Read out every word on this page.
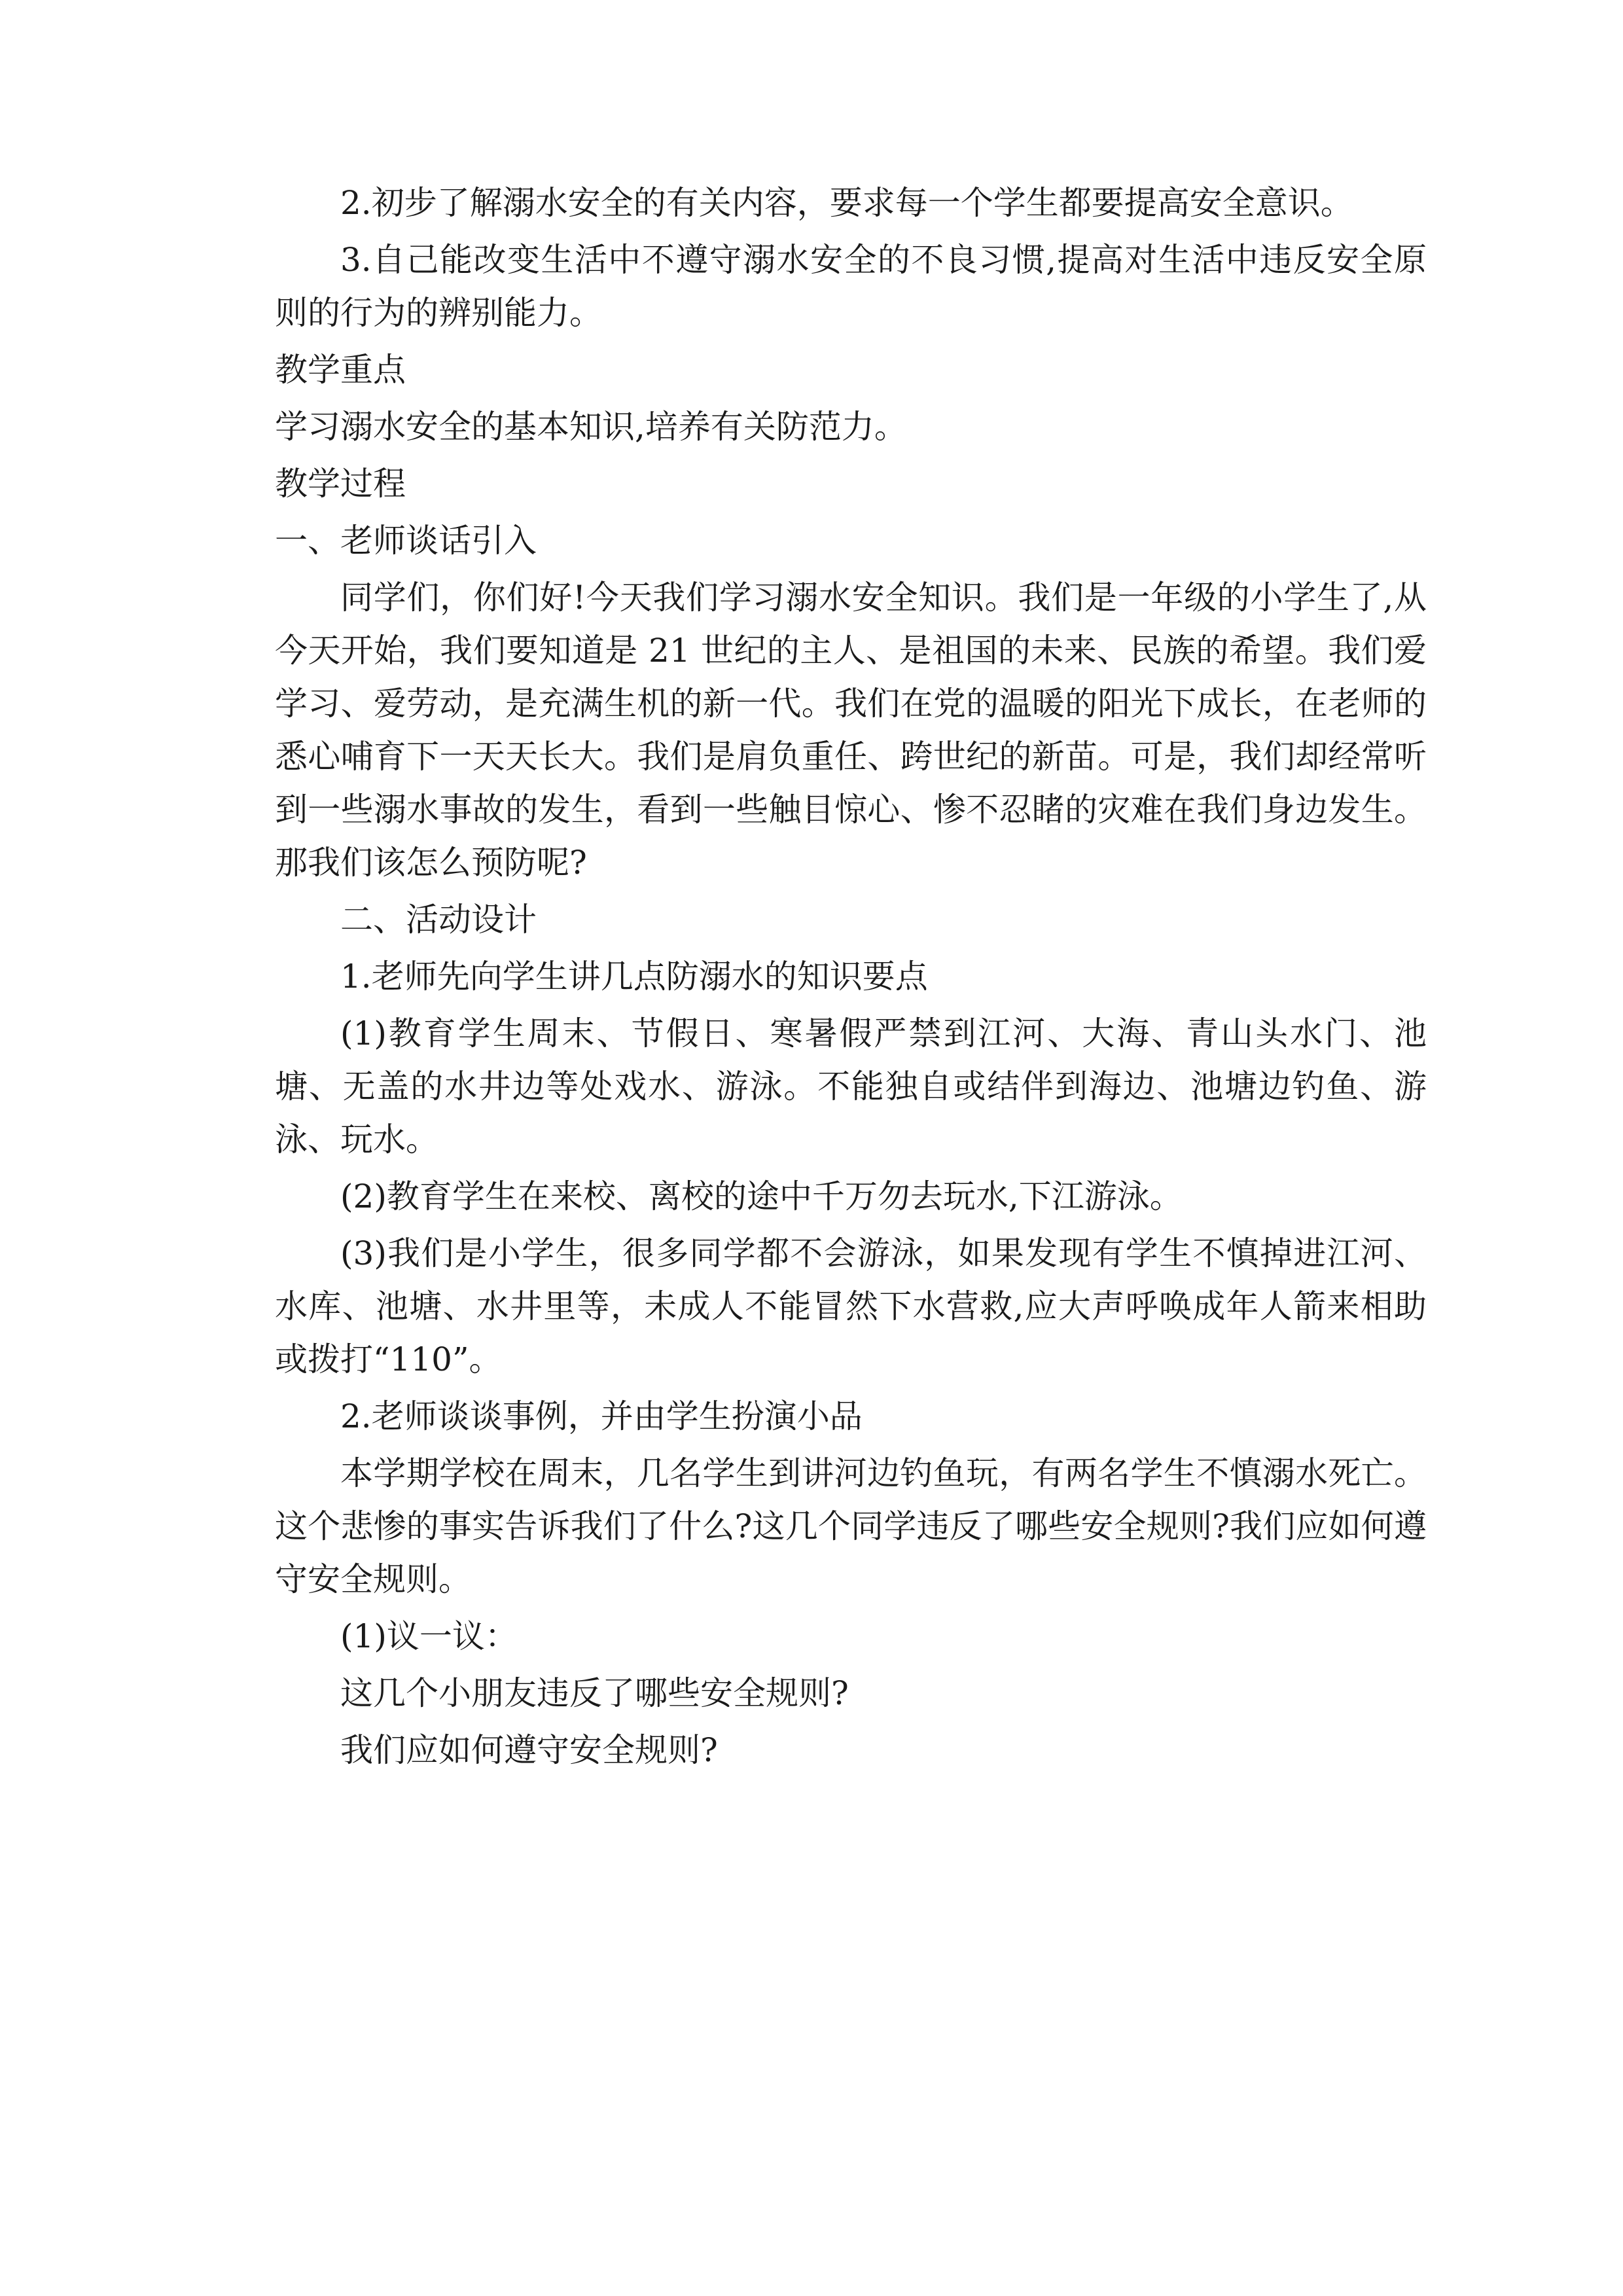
2.初步了解溺水安全的有关内容，要求每一个学生都要提高安全意识。

3.自己能改变生活中不遵守溺水安全的不良习惯,提高对生活中违反安全原则的行为的辨别能力。

教学重点

学习溺水安全的基本知识,培养有关防范力。

教学过程

一、老师谈话引入

同学们，你们好!今天我们学习溺水安全知识。我们是一年级的小学生了,从今天开始，我们要知道是 21 世纪的主人、是祖国的未来、民族的希望。我们爱学习、爱劳动，是充满生机的新一代。我们在党的温暖的阳光下成长，在老师的悉心哺育下一天天长大。我们是肩负重任、跨世纪的新苗。可是，我们却经常听到一些溺水事故的发生，看到一些触目惊心、惨不忍睹的灾难在我们身边发生。那我们该怎么预防呢?

二、活动设计

1.老师先向学生讲几点防溺水的知识要点

(1)教育学生周末、节假日、寒暑假严禁到江河、大海、青山头水门、池塘、无盖的水井边等处戏水、游泳。不能独自或结伴到海边、池塘边钓鱼、游泳、玩水。

(2)教育学生在来校、离校的途中千万勿去玩水,下江游泳。

(3)我们是小学生，很多同学都不会游泳，如果发现有学生不慎掉进江河、水库、池塘、水井里等，未成人不能冒然下水营救,应大声呼唤成年人箭来相助或拨打“110”。

2.老师谈谈事例，并由学生扮演小品

本学期学校在周末，几名学生到讲河边钓鱼玩，有两名学生不慎溺水死亡。这个悲惨的事实告诉我们了什么?这几个同学违反了哪些安全规则?我们应如何遵守安全规则。

(1)议一议：

这几个小朋友违反了哪些安全规则?

我们应如何遵守安全规则?
